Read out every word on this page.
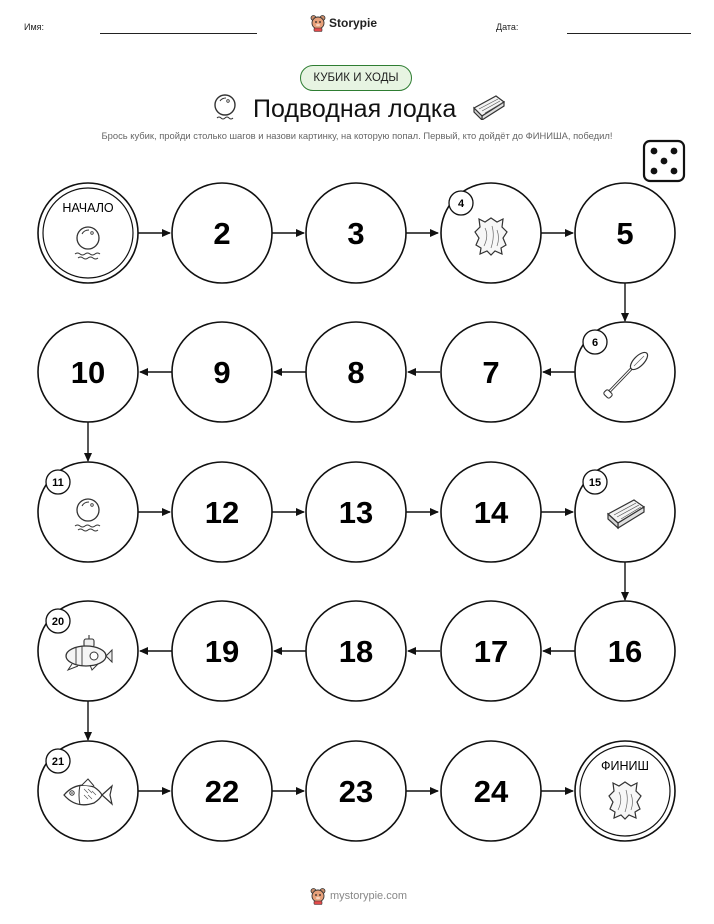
Имя:	Storypie	Дата:
КУБИК И ХОДЫ
Подводная лодка
Брось кубик, пройди столько шагов и назови картинку, на которую попал. Первый, кто дойдёт до ФИНИША, победил!
НАЧАЛО
2	3	5
7
8
9
10
12	13	14
16
17
18
19
22	23	24
4
6
11	15
20
21	ФИНИШ
mystorypie.com
